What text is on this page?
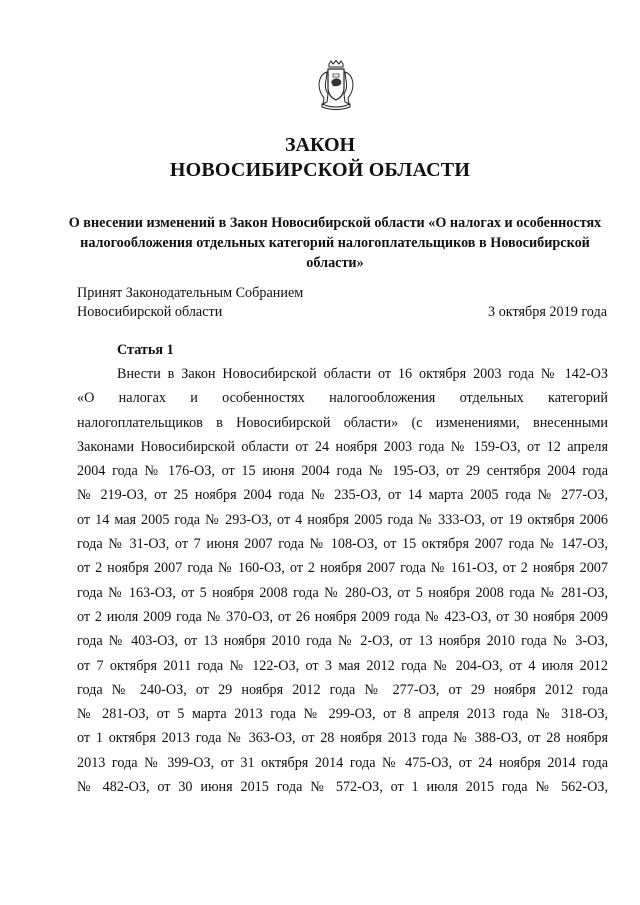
ЗАКОН
НОВОСИБИРСКОЙ ОБЛАСТИ
О внесении изменений в Закон Новосибирской области «О налогах и особенностях налогообложения отдельных категорий налогоплательщиков в Новосибирской области»
Принят Законодательным Собранием
Новосибирской области	3 октября 2019 года
Статья 1
Внести в Закон Новосибирской области от 16 октября 2003 года № 142-ОЗ
«О налогах и особенностях налогообложения отдельных категорий
налогоплательщиков в Новосибирской области» (с изменениями, внесенными
Законами Новосибирской области от 24 ноября 2003 года № 159-ОЗ, от 12 апреля
2004 года № 176-ОЗ, от 15 июня 2004 года № 195-ОЗ, от 29 сентября 2004 года
№ 219-ОЗ, от 25 ноября 2004 года № 235-ОЗ, от 14 марта 2005 года № 277-ОЗ,
от 14 мая 2005 года № 293-ОЗ, от 4 ноября 2005 года № 333-ОЗ, от 19 октября 2006
года № 31-ОЗ, от 7 июня 2007 года № 108-ОЗ, от 15 октября 2007 года № 147-ОЗ,
от 2 ноября 2007 года № 160-ОЗ, от 2 ноября 2007 года № 161-ОЗ, от 2 ноября 2007
года № 163-ОЗ, от 5 ноября 2008 года № 280-ОЗ, от 5 ноября 2008 года № 281-ОЗ,
от 2 июля 2009 года № 370-ОЗ, от 26 ноября 2009 года № 423-ОЗ, от 30 ноября 2009
года № 403-ОЗ, от 13 ноября 2010 года № 2-ОЗ, от 13 ноября 2010 года № 3-ОЗ,
от 7 октября 2011 года № 122-ОЗ, от 3 мая 2012 года № 204-ОЗ, от 4 июля 2012
года № 240-ОЗ, от 29 ноября 2012 года № 277-ОЗ, от 29 ноября 2012 года
№ 281-ОЗ, от 5 марта 2013 года № 299-ОЗ, от 8 апреля 2013 года № 318-ОЗ,
от 1 октября 2013 года № 363-ОЗ, от 28 ноября 2013 года № 388-ОЗ, от 28 ноября
2013 года № 399-ОЗ, от 31 октября 2014 года № 475-ОЗ, от 24 ноября 2014 года
№ 482-ОЗ, от 30 июня 2015 года № 572-ОЗ, от 1 июля 2015 года № 562-ОЗ,
